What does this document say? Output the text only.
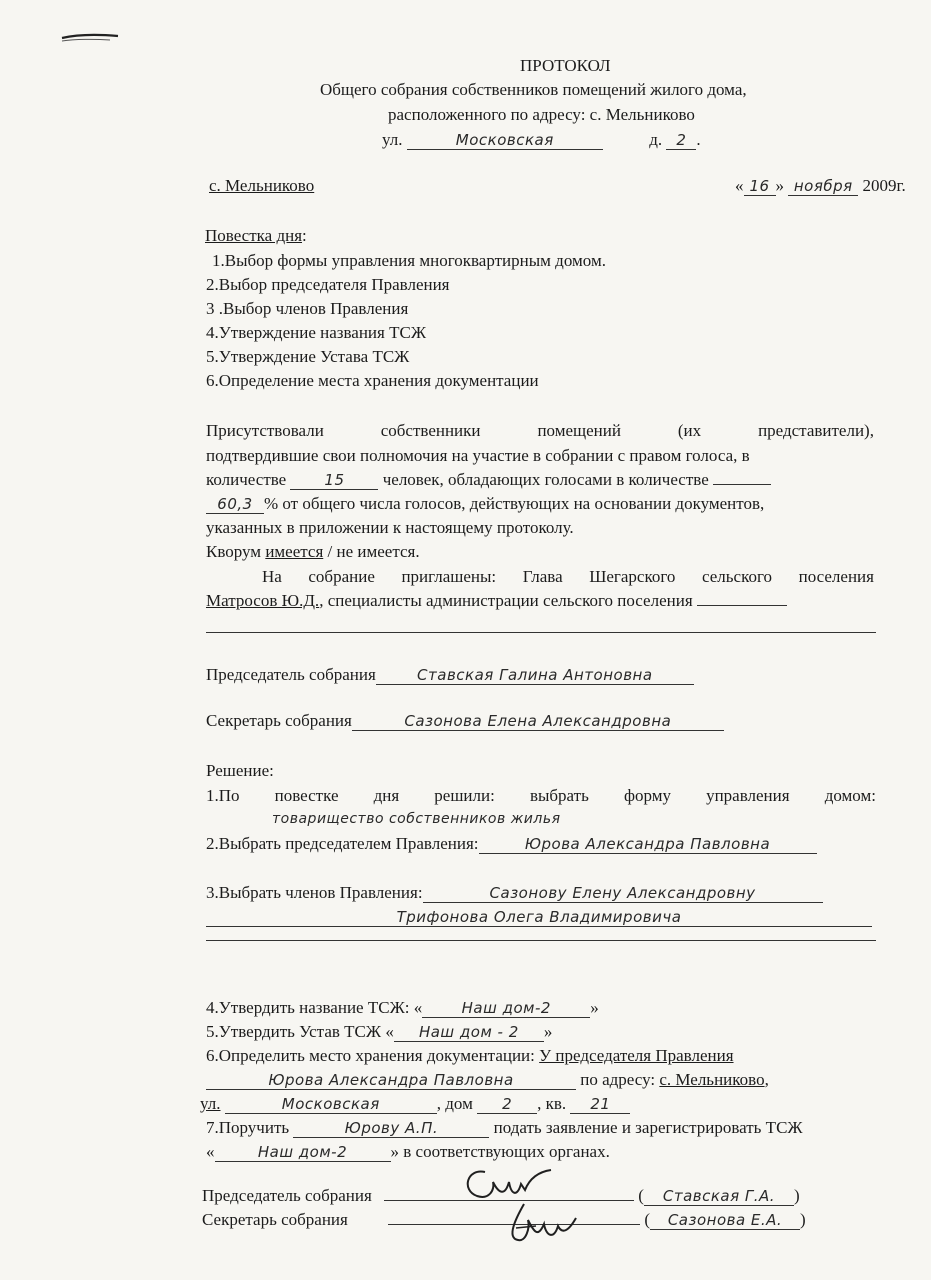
ПРОТОКОЛ
Общего собрания собственников помещений жилого дома,
расположенного по адресу: с. Мельниково
ул.	Московская	д. 2 .
с. Мельниково	« 16 » ноября 2009г.
Повестка дня:
1.Выбор формы управления многоквартирным домом.
2.Выбор председателя Правления
3 .Выбор членов Правления
4.Утверждение названия ТСЖ
5.Утверждение Устава ТСЖ
6.Определение места хранения документации
Присутствовали	собственники	помещений	(их	представители),
подтвердившие свои полномочия на участие в собрании с правом голоса, в
количестве	15 человек, обладающих голосами в количестве
60,3 % от общего числа голосов, действующих на основании документов,
указанных в приложении к настоящему протоколу.
Кворум имеется / не имеется.
На собрание приглашены: Глава Шегарского сельского поселения
Матросов Ю.Д., специалисты администрации сельского поселения
Председатель собрания	Ставская Галина Антоновна
Секретарь собрания	Сазонова Елена Александровна
Решение:
1.По повестке дня решили: выбрать форму управления домом:
товарищество собственников жилья
2.Выбрать председателем Правления:	Юрова Александра Павловна
3.Выбрать членов Правления:	Сазонову Елену Александровну
Трифонова Олега Владимировича
4.Утвердить название ТСЖ: «	Наш дом-2 »
5.Утвердить Устав ТСЖ « Наш дом - 2 »
6.Определить место хранения документации: У председателя Правления
Юрова Александра Павловна	по адресу: с. Мельниково,
ул.	Московская	, дом 2 , кв. 21
7.Поручить	Юрову А.П.	подать заявление и зарегистрировать ТСЖ
«	Наш дом-2	» в соответствующих органах.
Председатель собрания	( Ставская Г.А. )
Секретарь собрания	( Сазонова Е.А. )
